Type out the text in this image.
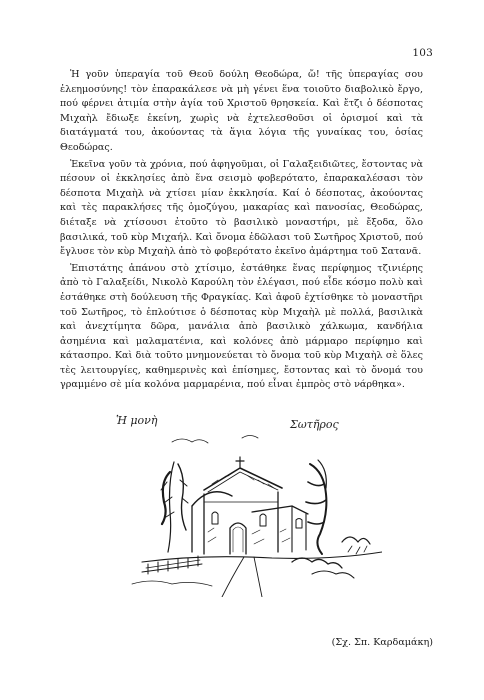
103

Ἡ γοῦν ὑπεραγία τοῦ Θεοῦ δούλη Θεοδώρα, ὤ! τῆς ὑπεραγίας σου ἐλεημοσύνης! τὸν ἐπαρακάλεσε νὰ μὴ γένει ἕνα τοιοῦτο διαβολικὸ ἔργο, πού φέρνει ἀτιμία στὴν ἁγία τοῦ Χριστοῦ θρησκεία. Καὶ ἔτζι ὁ δέσποτας Μιχαὴλ ἔδιωξε ἐκείνη, χωρὶς νὰ ἐχτελεσθοῦσι οἱ ὁρισμοί καὶ τὰ διατάγματά του, ἀκούοντας τὰ ἅγια λόγια τῆς γυναίκας του, ὁσίας Θεοδώρας.

Ἐκεῖνα γοῦν τὰ χρόνια, πού ἀφηγοῦμαι, οἱ Γαλαξειδιῶτες, ἔστοντας νὰ πέσουν οἱ ἐκκλησίες ἀπὸ ἕνα σεισμὸ φοβερότατο, ἐπαρακαλέσασι τὸν δέσποτα Μιχαὴλ νὰ χτίσει μίαν ἐκκλησία. Καί ὁ δέσποτας, ἀκούοντας καὶ τὲς παρακλήσες τῆς ὁμοζύγου, μακαρίας καὶ πανοσίας, Θεοδώρας, διέταξε νὰ χτίσουσι ἐτοῦτο τὸ βασιλικὸ μοναστήρι, μὲ ἔξοδα, ὅλο βασιλικά, τοῦ κὺρ Μιχαήλ. Καὶ ὄνομα ἐδῶλασι τοῦ Σωτῆρος Χριστοῦ, πού ἔγλυσε τὸν κὺρ Μιχαὴλ ἀπὸ τὸ φοβερότατο ἐκεῖνο ἁμάρτημα τοῦ Σατανᾶ.

Ἐπιστάτης ἀπάνου στὸ χτίσιμο, ἐστάθηκε ἕνας περίφημος τζινιέρης ἀπὸ τὸ Γαλαξείδι, Νικολὸ Καρούλη τὸν ἐλέγασι, πού εἶδε κόσμο πολὺ καὶ ἐστάθηκε στὴ δούλευση τῆς Φραγκίας. Καὶ ἀφοῦ ἐχτίσθηκε τὸ μοναστῆρι τοῦ Σωτῆρος, τὸ ἐπλούτισε ὁ δέσποτας κὺρ Μιχαὴλ μὲ πολλά, βασιλικὰ καὶ ἀνεχτίμητα δῶρα, μανάλια ἀπὸ βασιλικὸ χάλκωμα, κανδήλια ἀσημένια καὶ μαλαματένια, καὶ κολόνες ἀπὸ μάρμαρο περίφημο καὶ κάτασπρο. Καὶ διὰ τοῦτο μνημονεύεται τὸ ὄνομα τοῦ κὺρ Μιχαὴλ σὲ ὅλες τὲς λειτουργίες, καθημερινὲς καὶ ἐπίσημες, ἔστοντας καὶ τὸ ὄνομά του γραμμένο σὲ μία κολόνα μαρμαρένια, πού εἶναι ἐμπρὸς στὸ νάρθηκα».

Ἡ μονὴ	Σωτῆρος
(Σχ. Σπ. Καρδαμάκη)
